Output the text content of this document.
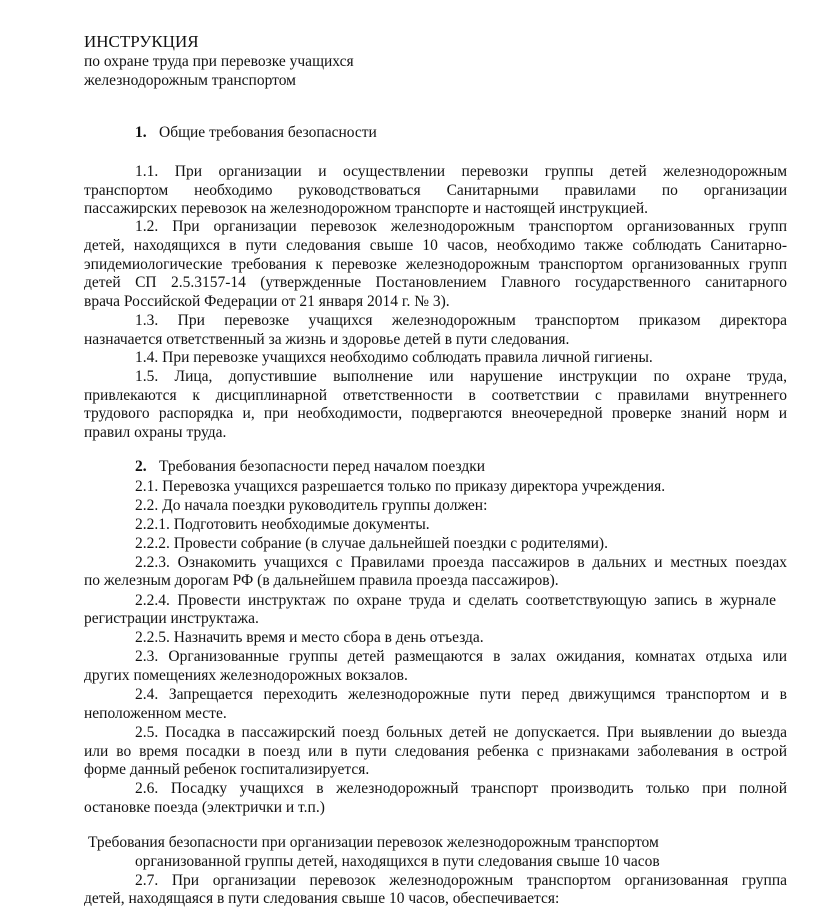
ИНСТРУКЦИЯ
по охране труда при перевозке учащихся
железнодорожным транспортом
1. Общие требования безопасности
1.1. При организации и осуществлении перевозки группы детей железнодорожным
транспортом необходимо руководствоваться Санитарными правилами по организации
пассажирских перевозок на железнодорожном транспорте и настоящей инструкцией.
1.2. При организации перевозок железнодорожным транспортом организованных групп
детей, находящихся в пути следования свыше 10 часов, необходимо также соблюдать Санитарно-
эпидемиологические требования к перевозке железнодорожным транспортом организованных групп
детей СП 2.5.3157-14 (утвержденные Постановлением Главного государственного санитарного
врача Российской Федерации от 21 января 2014 г. № 3).
1.3. При перевозке учащихся железнодорожным транспортом приказом директора
назначается ответственный за жизнь и здоровье детей в пути следования.
1.4. При перевозке учащихся необходимо соблюдать правила личной гигиены.
1.5. Лица, допустившие выполнение или нарушение инструкции по охране труда,
привлекаются к дисциплинарной ответственности в соответствии с правилами внутреннего
трудового распорядка и, при необходимости, подвергаются внеочередной проверке знаний норм и
правил охраны труда.
2. Требования безопасности перед началом поездки
2.1. Перевозка учащихся разрешается только по приказу директора учреждения.
2.2. До начала поездки руководитель группы должен:
2.2.1. Подготовить необходимые документы.
2.2.2. Провести собрание (в случае дальнейшей поездки с родителями).
2.2.3. Ознакомить учащихся с Правилами проезда пассажиров в дальних и местных поездах
по железным дорогам РФ (в дальнейшем правила проезда пассажиров).
2.2.4. Провести инструктаж по охране труда и сделать соответствующую запись в журнале
регистрации инструктажа.
2.2.5. Назначить время и место сбора в день отъезда.
2.3. Организованные группы детей размещаются в залах ожидания, комнатах отдыха или
других помещениях железнодорожных вокзалов.
2.4. Запрещается переходить железнодорожные пути перед движущимся транспортом и в
неположенном месте.
2.5. Посадка в пассажирский поезд больных детей не допускается. При выявлении до выезда
или во время посадки в поезд или в пути следования ребенка с признаками заболевания в острой
форме данный ребенок госпитализируется.
2.6. Посадку учащихся в железнодорожный транспорт производить только при полной
остановке поезда (электрички и т.п.)
Требования безопасности при организации перевозок железнодорожным транспортом
организованной группы детей, находящихся в пути следования свыше 10 часов
2.7. При организации перевозок железнодорожным транспортом организованная группа
детей, находящаяся в пути следования свыше 10 часов, обеспечивается:
